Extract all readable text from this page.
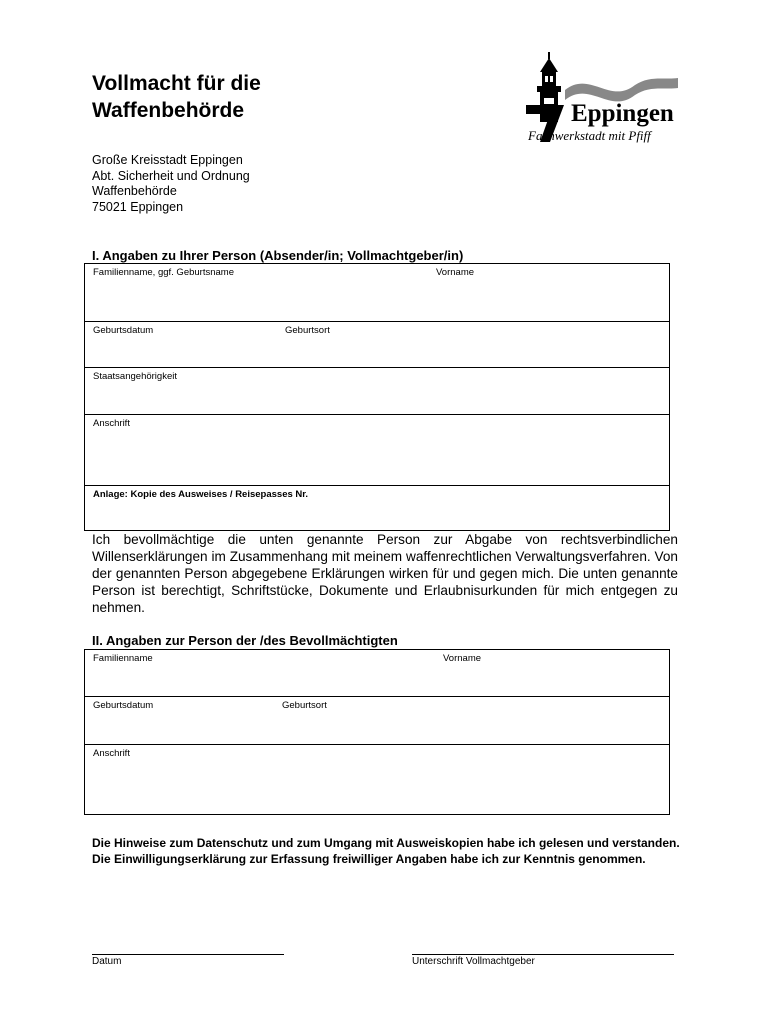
Vollmacht für die
Waffenbehörde	Eppingen
Fachwerkstadt mit Pfiff
Große Kreisstadt Eppingen
Abt. Sicherheit und Ordnung
Waffenbehörde
75021 Eppingen
I. Angaben zu Ihrer Person (Absender/in; Vollmachtgeber/in)
Familienname, ggf. Geburtsname	Vorname
Geburtsdatum	Geburtsort
Staatsangehörigkeit
Anschrift
Anlage: Kopie des Ausweises / Reisepasses Nr.

Ich bevollmächtige die unten genannte Person zur Abgabe von rechtsverbindlichen Willenserklärungen im Zusammenhang mit meinem waffenrechtlichen Verwaltungsverfahren. Von der genannten Person abgegebene Erklärungen wirken für und gegen mich. Die unten genannte Person ist berechtigt, Schriftstücke, Dokumente und Erlaubnisurkunden für mich entgegen zu nehmen.

II. Angaben zur Person der /des Bevollmächtigten
Familienname	Vorname
Geburtsdatum	Geburtsort
Anschrift

Die Hinweise zum Datenschutz und zum Umgang mit Ausweiskopien habe ich gelesen und verstanden. Die Einwilligungserklärung zur Erfassung freiwilliger Angaben habe ich zur Kenntnis genommen.

Datum	Unterschrift Vollmachtgeber
